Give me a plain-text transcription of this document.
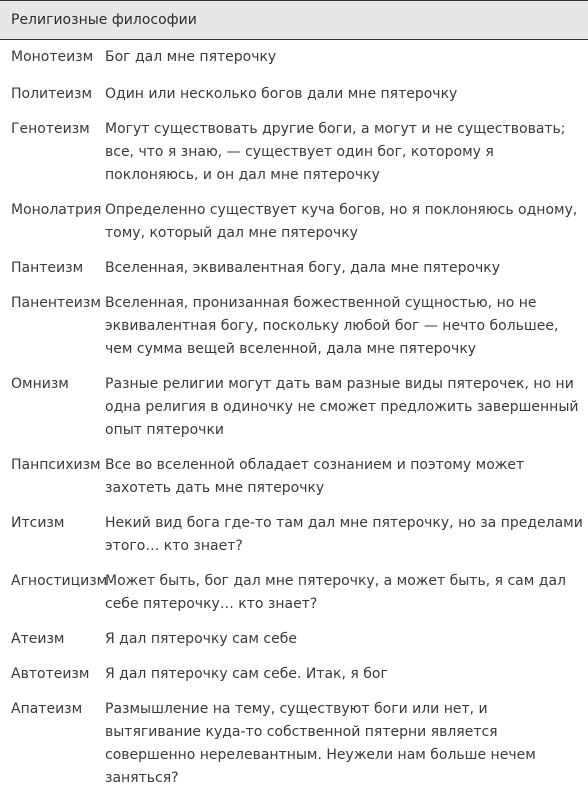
Религиозные философии
Монотеизм	Бог дал мне пятерочку
Политеизм	Один или несколько богов дали мне пятерочку
Генотеизм	Могут существовать другие боги, а могут и не существовать; все, что я знаю, — существует один бог, которому я поклоняюсь, и он дал мне пятерочку
Монолатрия	Определенно существует куча богов, но я поклоняюсь одному, тому, который дал мне пятерочку
Пантеизм	Вселенная, эквивалентная богу, дала мне пятерочку
Панентеизм	Вселенная, пронизанная божественной сущностью, но не эквивалентная богу, поскольку любой бог — нечто большее, чем сумма вещей вселенной, дала мне пятерочку
Омнизм	Разные религии могут дать вам разные виды пятерочек, но ни одна религия в одиночку не сможет предложить завершенный опыт пятерочки
Панпсихизм	Все во вселенной обладает сознанием и поэтому может захотеть дать мне пятерочку
Итсизм	Некий вид бога где-то там дал мне пятерочку, но за пределами этого… кто знает?
Агностицизм	Может быть, бог дал мне пятерочку, а может быть, я сам дал себе пятерочку… кто знает?
Атеизм	Я дал пятерочку сам себе
Автотеизм	Я дал пятерочку сам себе. Итак, я бог
Апатеизм	Размышление на тему, существуют боги или нет, и вытягивание куда-то собственной пятерни является совершенно нерелевантным. Неужели нам больше нечем заняться?
